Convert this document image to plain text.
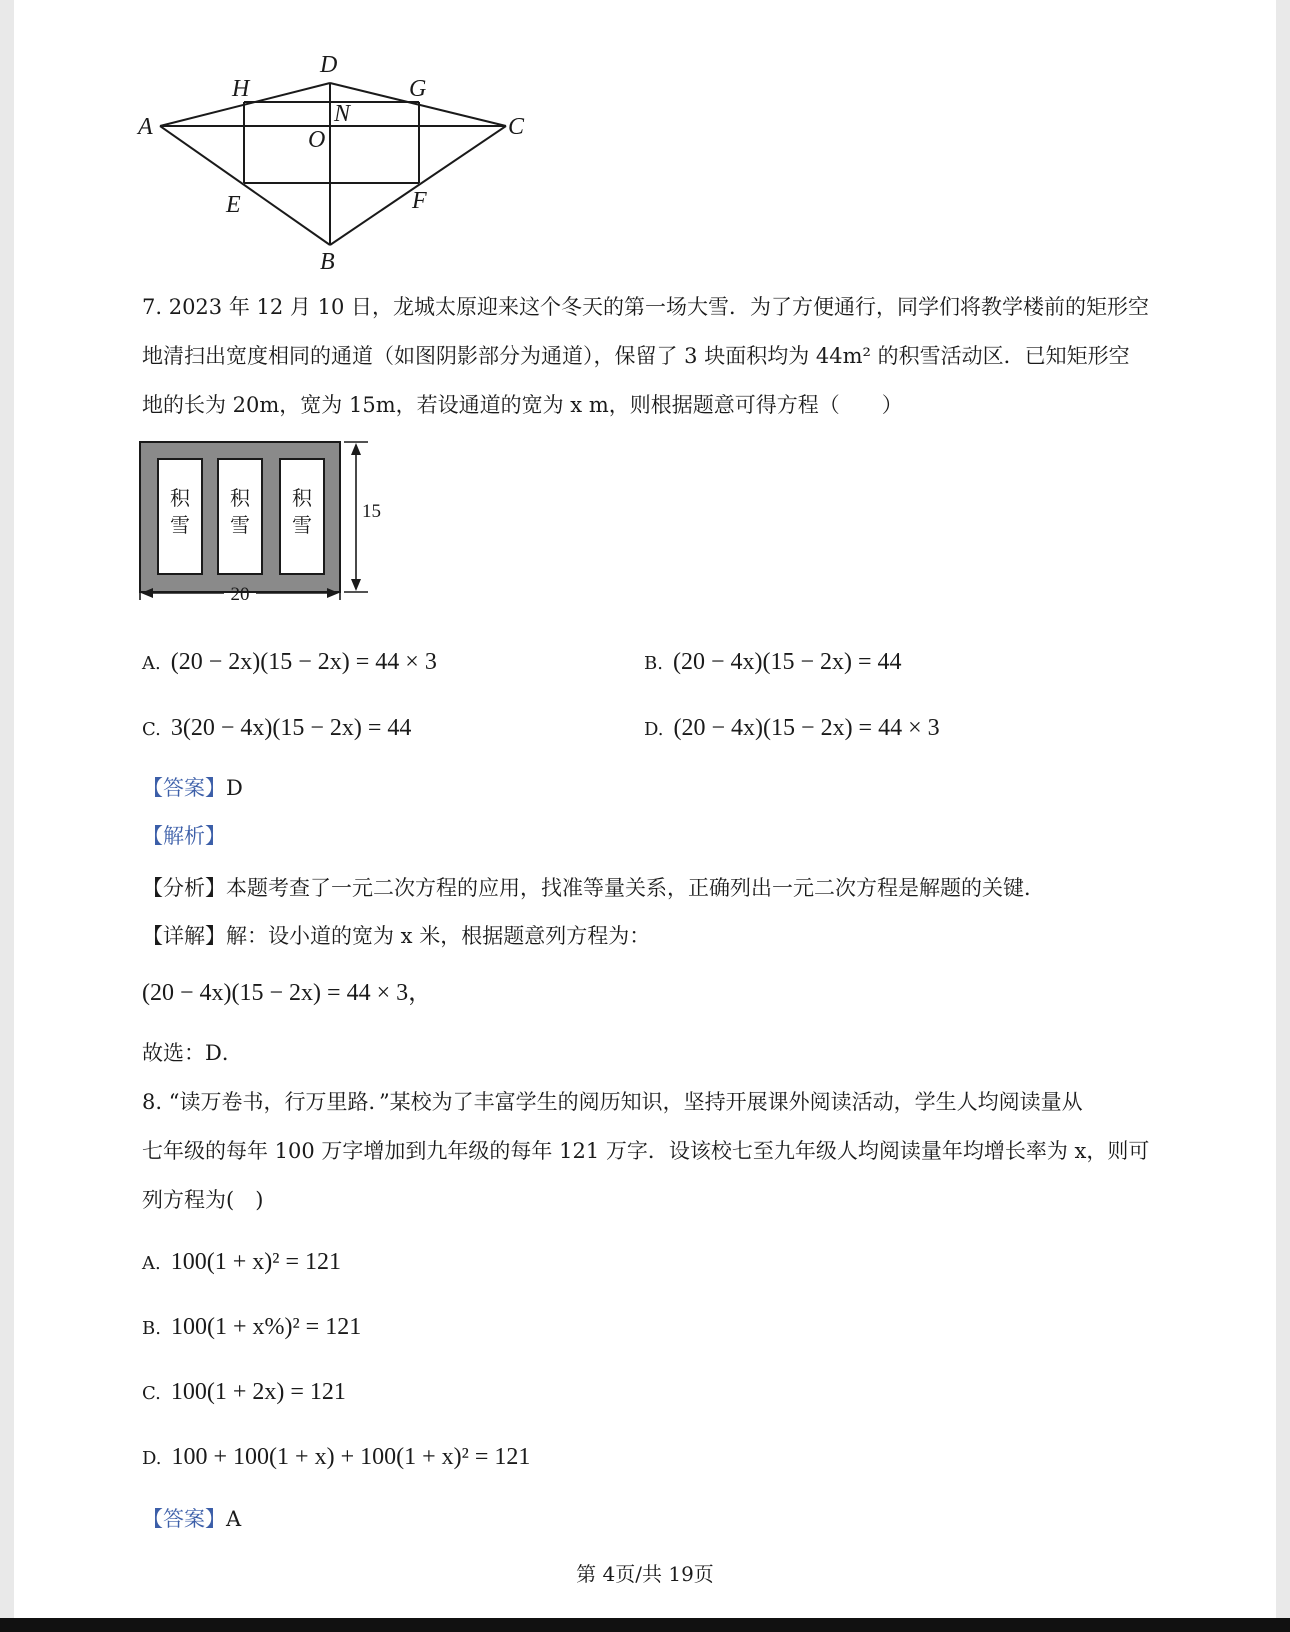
D
H	G
A	C
N
O
E	F
B
7. 2023 年 12 月 10 日，龙城太原迎来这个冬天的第一场大雪．为了方便通行，同学们将教学楼前的矩形空
地清扫出宽度相同的通道（如图阴影部分为通道），保留了 3 块面积均为 44m² 的积雪活动区．已知矩形空
地的长为 20m，宽为 15m，若设通道的宽为 x m，则根据题意可得方程（　　）
积
雪
积
雪
积
雪
15
20
A. (20 − 2x)(15 − 2x) = 44 × 3	B. (20 − 4x)(15 − 2x) = 44
C. 3(20 − 4x)(15 − 2x) = 44	D. (20 − 4x)(15 − 2x) = 44 × 3
【答案】D
【解析】
【分析】本题考查了一元二次方程的应用，找准等量关系，正确列出一元二次方程是解题的关键．
【详解】解：设小道的宽为 x 米，根据题意列方程为：
(20 − 4x)(15 − 2x) = 44 × 3，
故选：D．
8. “读万卷书，行万里路．”某校为了丰富学生的阅历知识，坚持开展课外阅读活动，学生人均阅读量从
七年级的每年 100 万字增加到九年级的每年 121 万字．设该校七至九年级人均阅读量年均增长率为 x，则可
列方程为(　)
A. 100(1 + x)² = 121
B. 100(1 + x%)² = 121
C. 100(1 + 2x) = 121
D. 100 + 100(1 + x) + 100(1 + x)² = 121
【答案】A
第 4页/共 19页
